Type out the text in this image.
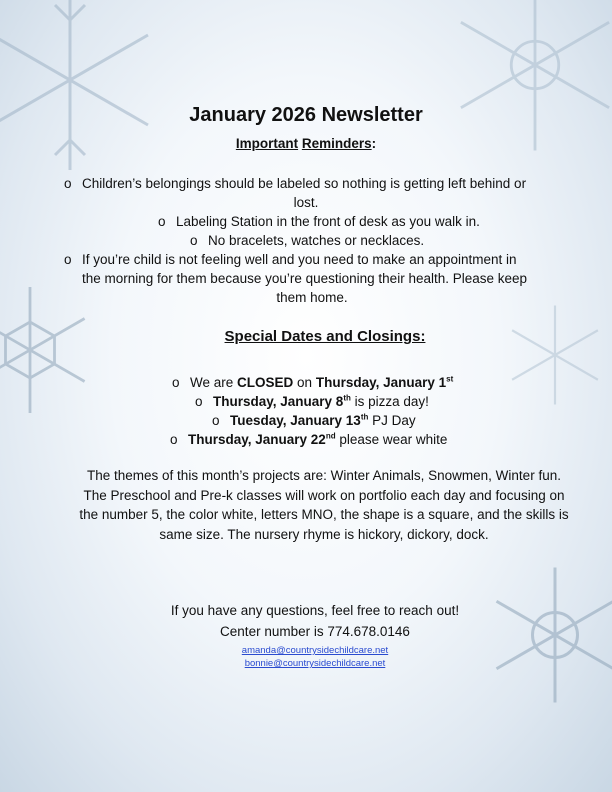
January 2026 Newsletter

Important Reminders:

o Children’s belongings should be labeled so nothing is getting left behind or

lost.

o Labeling Station in the front of desk as you walk in.

o No bracelets, watches or necklaces.

o If you’re child is not feeling well and you need to make an appointment in

the morning for them because you’re questioning their health. Please keep

them home.

Special Dates and Closings:

o We are CLOSED on Thursday, January 1st

o Thursday, January 8th is pizza day!

o Tuesday, January 13th PJ Day

o Thursday, January 22nd please wear white

The themes of this month’s projects are: Winter Animals, Snowmen, Winter fun. The Preschool and Pre-k classes will work on portfolio each day and focusing on the number 5, the color white, letters MNO, the shape is a square, and the skills is same size. The nursery rhyme is hickory, dickory, dock.

If you have any questions, feel free to reach out!

Center number is 774.678.0146

amanda@countrysidechildcare.net

bonnie@countrysidechildcare.net
